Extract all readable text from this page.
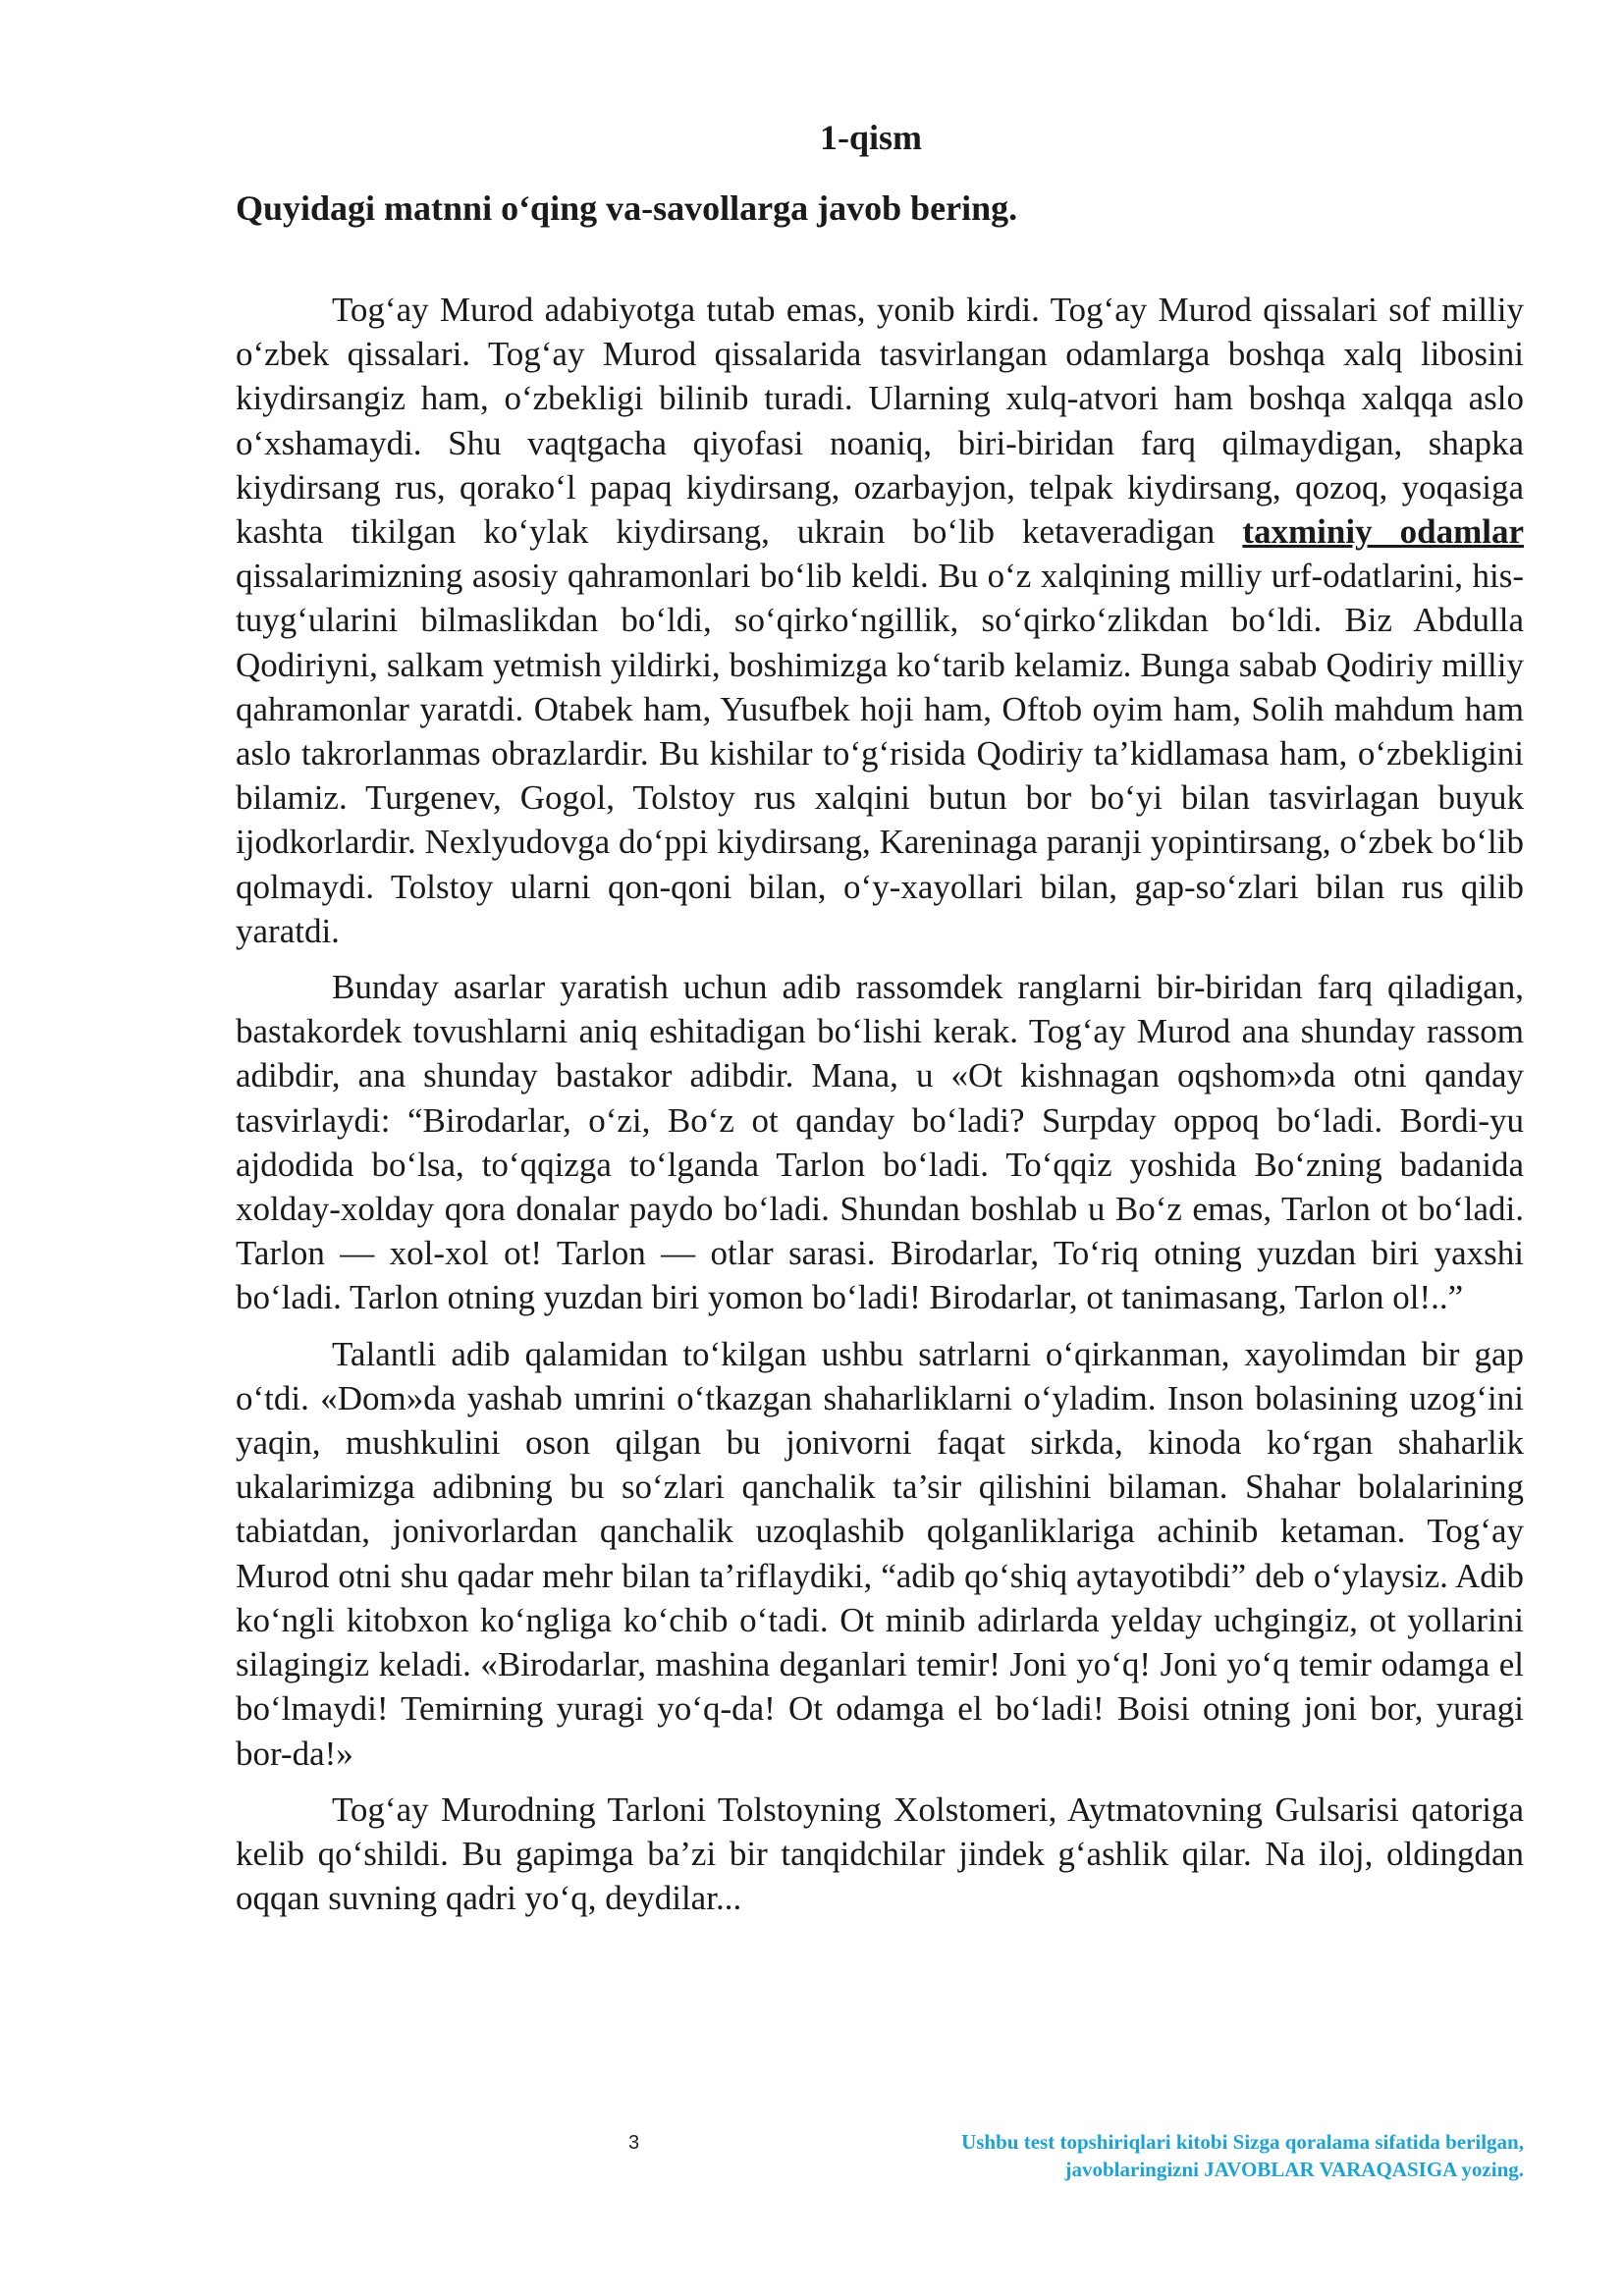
1-qism
Quyidagi matnni o‘qing va-savollarga javob bering.

Tog‘ay Murod adabiyotga tutab emas, yonib kirdi. Tog‘ay Murod qissalari sof milliy o‘zbek qissalari. Tog‘ay Murod qissalarida tasvirlangan odamlarga boshqa xalq libosini kiydirsangiz ham, o‘zbekligi bilinib turadi. Ularning xulq-atvori ham boshqa xalqqa aslo o‘xshamaydi. Shu vaqtgacha qiyofasi noaniq, biri-biridan farq qilmaydigan, shapka kiydirsang rus, qorako‘l papaq kiydirsang, ozarbayjon, telpak kiydirsang, qozoq, yoqasiga kashta tikilgan ko‘ylak kiydirsang, ukrain bo‘lib ketaveradigan taxminiy odamlar qissalarimizning asosiy qahramonlari bo‘lib keldi. Bu o‘z xalqining milliy urf-odatlarini, his-tuyg‘ularini bilmaslikdan bo‘ldi, so‘qirko‘ngillik, so‘qirko‘zlikdan bo‘ldi. Biz Abdulla Qodiriyni, salkam yetmish yildirki, boshimizga ko‘tarib kelamiz. Bunga sabab Qodiriy milliy qahramonlar yaratdi. Otabek ham, Yusufbek hoji ham, Oftob oyim ham, Solih mahdum ham aslo takrorlanmas obrazlardir. Bu kishilar to‘g‘risida Qodiriy ta’kidlamasa ham, o‘zbekligini bilamiz. Turgenev, Gogol, Tolstoy rus xalqini butun bor bo‘yi bilan tasvirlagan buyuk ijodkorlardir. Nexlyudovga do‘ppi kiydirsang, Kareninaga paranji yopintirsang, o‘zbek bo‘lib qolmaydi. Tolstoy ularni qon-qoni bilan, o‘y-xayollari bilan, gap-so‘zlari bilan rus qilib yaratdi.

Bunday asarlar yaratish uchun adib rassomdek ranglarni bir-biridan farq qiladigan, bastakordek tovushlarni aniq eshitadigan bo‘lishi kerak. Tog‘ay Murod ana shunday rassom adibdir, ana shunday bastakor adibdir. Mana, u «Ot kishnagan oqshom»da otni qanday tasvirlaydi: “Birodarlar, o‘zi, Bo‘z ot qanday bo‘ladi? Surpday oppoq bo‘ladi. Bordi-yu ajdodida bo‘lsa, to‘qqizga to‘lganda Tarlon bo‘ladi. To‘qqiz yoshida Bo‘zning badanida xolday-xolday qora donalar paydo bo‘ladi. Shundan boshlab u Bo‘z emas, Tarlon ot bo‘ladi. Tarlon — xol-xol ot! Tarlon — otlar sarasi. Birodarlar, To‘riq otning yuzdan biri yaxshi bo‘ladi. Tarlon otning yuzdan biri yomon bo‘ladi! Birodarlar, ot tanimasang, Tarlon ol!..”

Talantli adib qalamidan to‘kilgan ushbu satrlarni o‘qirkanman, xayolimdan bir gap o‘tdi. «Dom»da yashab umrini o‘tkazgan shaharliklarni o‘yladim. Inson bolasining uzog‘ini yaqin, mushkulini oson qilgan bu jonivorni faqat sirkda, kinoda ko‘rgan shaharlik ukalarimizga adibning bu so‘zlari qanchalik ta’sir qilishini bilaman. Shahar bolalarining tabiatdan, jonivorlardan qanchalik uzoqlashib qolganliklariga achinib ketaman. Tog‘ay Murod otni shu qadar mehr bilan ta’riflaydiki, “adib qo‘shiq aytayotibdi” deb o‘ylaysiz. Adib ko‘ngli kitobxon ko‘ngliga ko‘chib o‘tadi. Ot minib adirlarda yelday uchgingiz, ot yollarini silagingiz keladi. «Birodarlar, mashina deganlari temir! Joni yo‘q! Joni yo‘q temir odamga el bo‘lmaydi! Temirning yuragi yo‘q-da! Ot odamga el bo‘ladi! Boisi otning joni bor, yuragi bor-da!»

Tog‘ay Murodning Tarloni Tolstoyning Xolstomeri, Aytmatovning Gulsarisi qatoriga kelib qo‘shildi. Bu gapimga ba’zi bir tanqidchilar jindek g‘ashlik qilar. Na iloj, oldingdan oqqan suvning qadri yo‘q, deydilar...

3	Ushbu test topshiriqlari kitobi Sizga qoralama sifatida berilgan,
javoblaringizni JAVOBLAR VARAQASIGA yozing.
